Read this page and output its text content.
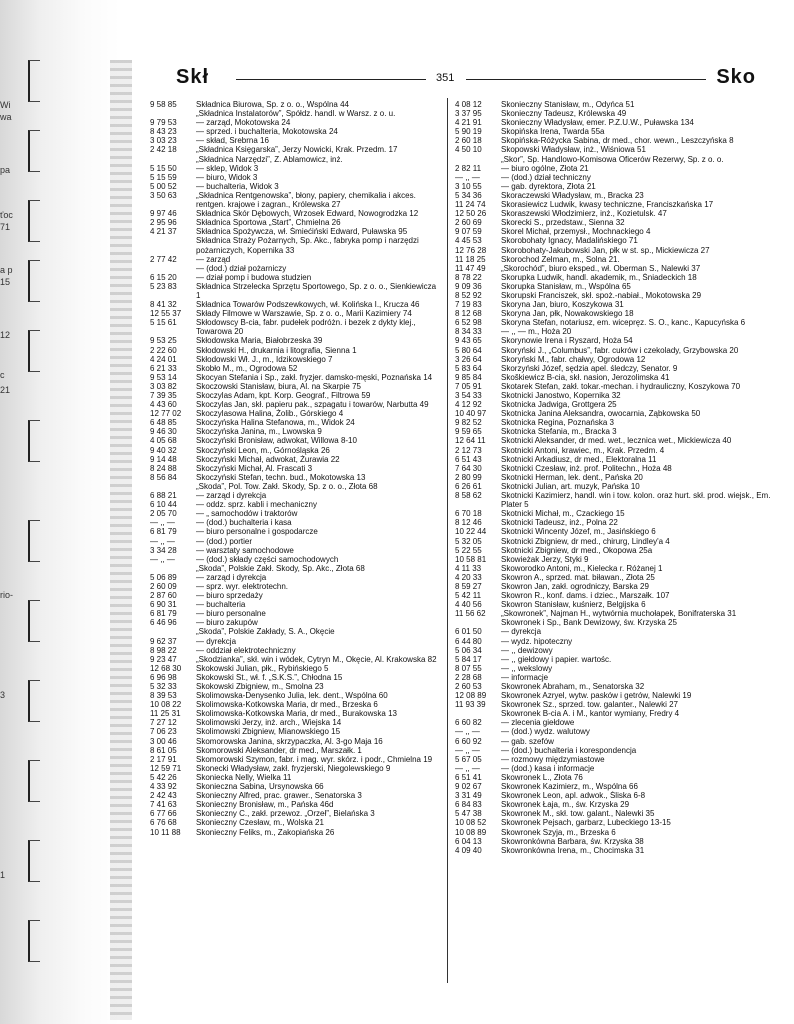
Wi
wa
pa
ťoc
71
a p
15
12
c
21
rio-
3
1
Skł	351	Sko
9 58 85	Składnica Biurowa, Sp. z o. o., Wspólna 44
„Składnica Instalatorów”, Spółdz. handl. w Warsz. z o. u.
9 79 53	— zarząd, Mokotowska 24
8 43 23	— sprzed. i buchalteria, Mokotowska 24
3 03 23	— skład, Srebrna 16
2 42 18	„Składnica Księgarska”, Jerzy Nowicki, Krak. Przedm. 17
„Składnica Narzędzi”, Z. Ablamowicz, inż.
5 15 50	— sklep, Widok 3
5 15 59	— biuro, Widok 3
5 00 52	— buchalteria, Widok 3
3 50 63	„Składnica Rentgenowska”, błony, papiery, chemikalia i akces. rentgen. krajowe i zagran., Królewska 27
9 97 46	Składnica Skór Dębowych, Wrzosek Edward, Nowogrodzka 12
2 95 96	Składnica Sportowa „Start”, Chmielna 26
4 21 37	Składnica Spożywcza, wł. Śmiećiński Edward, Puławska 95
Składnica Straży Pożarnych, Sp. Akc., fabryka pomp i narzędzi pożarniczych, Kopernika 33
2 77 42	— zarząd
— (dod.) dział pożarniczy
6 15 20	— dział pomp i budowa studzien
5 23 83	Składnica Strzelecka Sprzętu Sportowego, Sp. z o. o., Sienkiewicza 1
8 41 32	Składnica Towarów Podszewkowych, wł. Kolińska I., Krucza 46
12 55 37	Składy Filmowe w Warszawie, Sp. z o. o., Marii Kazimiery 74
5 15 61	Skłodowscy B-cia, fabr. pudełek podróżn. i bezek z dykty klej., Towarowa 20
9 53 25	Skłodowska Maria, Białobrzeska 39
2 22 60	Skłodowski H., drukarnia i litografia, Sienna 1
4 24 01	Skłodowski Wł. J., m., Idzikowskiego 7
6 21 33	Skobło M., m., Ogrodowa 52
9 53 14	Skocyan Stefania i Sp., zakł. fryzjer. damsko-męski, Poznańska 14
3 03 82	Skoczowski Stanisław, biura, Al. na Skarpie 75
7 39 35	Skoczylas Adam, kpt. Korp. Geograf., Filtrowa 59
4 43 60	Skoczylas Jan, skł. papieru pak., szpagatu i towarów, Narbutta 49
12 77 02	Skoczylasowa Halina, Żolib., Górskiego 4
6 48 85	Skoczyńska Halina Stefanowa, m., Widok 24
9 46 30	Skoczyńska Janina, m., Lwowska 9
4 05 68	Skoczyński Bronisław, adwokat, Willowa 8-10
9 40 32	Skoczyński Leon, m., Górnośląska 26
9 14 48	Skoczyński Michał, adwokat, Żurawia 22
8 24 88	Skoczyński Michał, Al. Frascati 3
8 56 84	Skoczyński Stefan, techn. bud., Mokotowska 13
„Skoda”, Pol. Tow. Zakł. Skody, Sp. z o. o., Złota 68
6 88 21	— zarząd i dyrekcja
6 10 44	— oddz. sprz. kabli i mechaniczny
2 05 70	— „ samochodów i traktorów
— ,, —	— (dod.) buchalteria i kasa
6 81 79	— biuro personalne i gospodarcze
— ,, —	— (dod.) portier
3 34 28	— warsztaty samochodowe
— ,, —	— (dod.) składy części samochodowych
„Skoda”, Polskie Zakł. Skody, Sp. Akc., Złota 68
5 06 89	— zarząd i dyrekcja
2 60 09	— sprz. wyr. elektrotechn.
2 87 60	— biuro sprzedaży
6 90 31	— buchalteria
6 81 79	— biuro personalne
6 46 96	— biuro zakupów
„Skoda”, Polskie Zakłady, S. A., Okęcie
9 62 37	— dyrekcja
8 98 22	— oddział elektrotechniczny
9 23 47	„Skodzianka”, skł. win i wódek, Cytryn M., Okęcie, Al. Krakowska 82
12 68 30	Skokowski Julian, płk., Rybińskiego 5
6 96 98	Skokowski St., wł. f. „S.K.S.”, Chłodna 15
5 32 33	Skokowski Zbigniew, m., Smolna 23
8 39 53	Skolimowska-Denysenko Julia, lek. dent., Wspólna 60
10 08 22	Skolimowska-Kotkowska Maria, dr med., Brzeska 6
11 25 31	Skolimowska-Kotkowska Maria, dr med., Burakowska 13
7 27 12	Skolimowski Jerzy, inż. arch., Wiejska 14
7 06 23	Skolimowski Zbigniew, Mianowskiego 15
3 00 46	Skomorowska Janina, skrzypaczka, Al. 3-go Maja 16
8 61 05	Skomorowski Aleksander, dr med., Marszałk. 1
2 17 91	Skomorowski Szymon, fabr. i mag. wyr. skórz. i podr., Chmielna 19
12 59 71	Skonecki Władysław, zakł. fryzjerski, Niegolewskiego 9
5 42 26	Skoniecka Nelly, Wielka 11
4 33 92	Skonieczna Sabina, Ursynowska 66
2 42 43	Skonieczny Alfred, prac. grawer., Senatorska 3
7 41 63	Skonieczny Bronisław, m., Pańska 46d
6 77 66	Skonieczny C., zakł. przewoz. „Orzeł”, Bielańska 3
6 76 68	Skonieczny Czesław, m., Wolska 21
10 11 88	Skonieczny Feliks, m., Zakopiańska 26
4 08 12	Skonieczny Stanisław, m., Odyńca 51
3 37 95	Skonieczny Tadeusz, Królewska 49
4 21 91	Skonieczny Władysław, emer. P.Z.U.W., Puławska 134
5 90 19	Skopińska Irena, Twarda 55a
2 60 18	Skopińska-Różycka Sabina, dr med., chor. wewn., Leszczyńska 8
4 50 10	Skopowski Władysław, inż., Wiśniowa 51
„Skor”, Sp. Handlowo-Komisowa Oficerów Rezerwy, Sp. z o. o.
2 82 11	— biuro ogólne, Złota 21
— ,, —	— (dod.) dział techniczny
3 10 55	— gab. dyrektora, Złota 21
5 34 36	Skoraczewski Władysław, m., Bracka 23
11 24 74	Skorasiewicz Ludwik, kwasy techniczne, Franciszkańska 17
12 50 26	Skoraszewski Włodzimierz, inż., Kozietulsk. 47
2 60 69	Skorecki S., przedstaw., Sienna 32
9 07 59	Skorel Michał, przemysł., Mochnackiego 4
4 45 53	Skorobohaty Ignacy, Madalińskiego 71
12 76 28	Skorobohaty-Jakubowski Jan, płk w st. sp., Mickiewicza 27
11 18 25	Skorochod Zelman, m., Solna 21.
11 47 49	„Skorochód”, biuro eksped., wł. Oberman S., Nalewki 37
8 78 22	Skorupka Ludwik, handl. akademik, m., Śniadeckich 18
9 09 36	Skorupka Stanisław, m., Wspólna 65
8 52 92	Skorupski Franciszek, skł. spoż.-nabiał., Mokotowska 29
7 19 83	Skoryna Jan, biuro, Koszykowa 31
8 12 68	Skoryna Jan, płk, Nowakowskiego 18
6 52 98	Skoryna Stefan, notariusz, em. wicepręz. S. O., kanc., Kapucyńska 6
8 34 33	— ,, — m., Hoża 20
9 43 65	Skorynowie Irena i Ryszard, Hoża 54
5 80 64	Skoryński J., „Columbus”, fabr. cukrów i czekolady, Grzybowska 20
3 26 64	Skoryński M., fabr. chałwy, Ogrodowa 12
5 83 64	Skorzyński Józef, sędzia apel. śledczy, Senator. 9
9 85 84	Skoškiewicz B-cia, skł. nasion, Jerozolimska 41
7 05 91	Skotarek Stefan, zakł. tokar.-mechan. i hydrauliczny, Koszykowa 70
3 54 33	Skotnicki Janostwo, Kopernika 32
4 12 92	Skotnicka Jadwiga, Grottgera 25
10 40 97	Skotnicka Janina Aleksandra, owocarnia, Ząbkowska 50
9 82 52	Skotnicka Regina, Poznańska 3
9 59 65	Skotnicka Stefania, m., Bracka 3
12 64 11	Skotnicki Aleksander, dr med. wet., lecznica wet., Mickiewicza 40
2 12 73	Skotnicki Antoni, krawiec, m., Krak. Przedm. 4
6 51 43	Skotnicki Arkadiusz, dr med., Elektoralna 11
7 64 30	Skotnicki Czesław, inż. prof. Politechn., Hoża 48
2 80 99	Skotnicki Herman, lek. dent., Pańska 20
6 26 61	Skotnicki Julian, art. muzyk, Pańska 10
8 58 62	Skotnicki Kazimierz, handl. win i tow. kolon. oraz hurt. skł. prod. wiejsk., Em. Plater 5
6 70 18	Skotnicki Michał, m., Czackiego 15
8 12 46	Skotnicki Tadeusz, inż., Polna 22
10 22 44	Skotnicki Wincenty Józef, m., Jasińskiego 6
5 32 05	Skotnicki Zbigniew, dr med., chirurg, Lindley'a 4
5 22 55	Skotnicki Zbigniew, dr med., Okopowa 25a
10 58 81	Skowieżak Jerzy, Styki 9
4 11 33	Skoworodko Antoni, m., Kielecka r. Różanej 1
4 20 33	Skowron A., sprzed. mat. biławan., Złota 25
8 59 27	Skowron Jan, zakł. ogrodniczy, Barska 29
5 42 11	Skowron R., konf. dams. i dziec., Marszałk. 107
4 40 56	Skowron Stanisław, kuśnierz, Belgijska 6
11 56 62	„Skowronek”, Najman H., wytwórnia muchołapek, Bonifraterska 31
Skowronek i Sp., Bank Dewizowy, św. Krzyska 25
6 01 50	— dyrekcja
6 44 80	— wydz. hipoteczny
5 06 34	— ,, dewizowy
5 84 17	— ,, giełdowy i papier. wartośc.
8 07 55	— ,, wekslowy
2 28 68	— informacje
2 60 53	Skowronek Abraham, m., Senatorska 32
12 08 89	Skowronek Azryel, wytw. pasków i getrów, Nalewki 19
11 93 39	Skowronek Sz., sprzed. tow. galanter., Nalewki 27
Skowronek B-cia A. i M., kantor wymiany, Fredry 4
6 60 82	— zlecenia giełdowe
— ,, —	— (dod.) wydz. walutowy
6 60 92	— gab. szefów
— ,, —	— (dod.) buchalteria i korespondencja
5 67 05	— rozmowy międzymiastowe
— ,, —	— (dod.) kasa i informacje
6 51 41	Skowronek L., Złota 76
9 02 67	Skowronek Kazimierz, m., Wspólna 66
3 31 49	Skowronek Leon, apl. adwok., Śliska 6-8
6 84 83	Skowronek Łaja, m., św. Krzyska 29
5 47 38	Skowronek M., skł. tow. galant., Nalewki 35
10 08 52	Skowronek Pejsach, garbarz, Lubeckiego 13-15
10 08 89	Skowronek Szyja, m., Brzeska 6
6 04 13	Skowronkówna Barbara, św. Krzyska 38
4 09 40	Skowronkówna Irena, m., Chocimska 31
